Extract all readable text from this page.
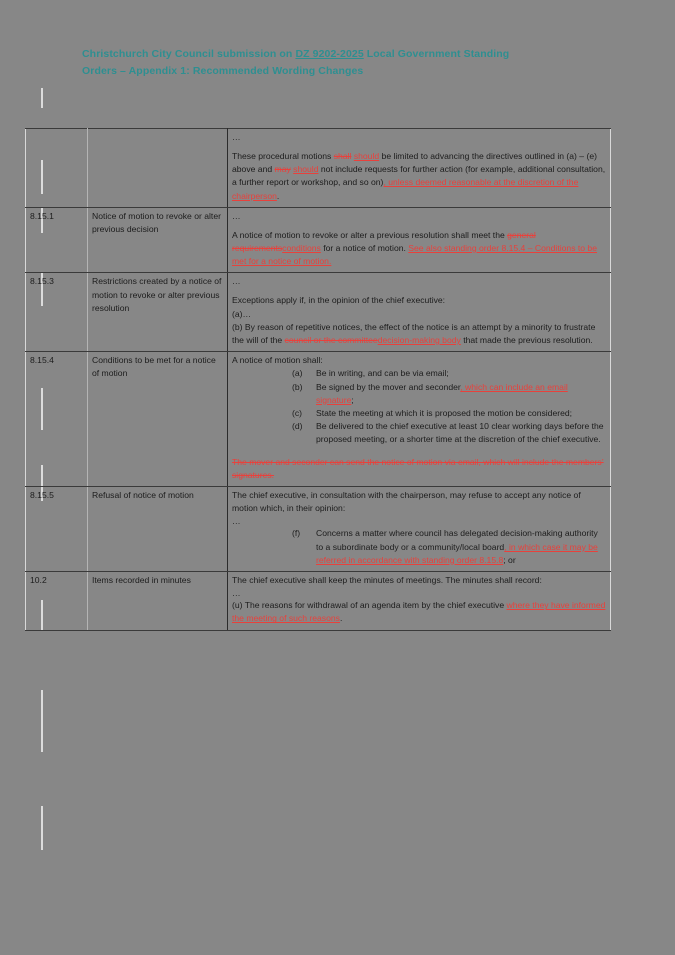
Christchurch City Council submission on DZ 9202-2025 Local Government Standing
Orders – Appendix 1: Recommended Wording Changes

		…

These procedural motions shall should be limited to advancing the directives outlined in (a) – (e) above and may should not include requests for further action (for example, additional consultation, a further report or workshop, and so on), unless deemed reasonable at the discretion of the chairperson.

8.15.1	Notice of motion to revoke or alter previous decision	…

A notice of motion to revoke or alter a previous resolution shall meet the general requirementsconditions for a notice of motion. See also standing order 8.15.4 – Conditions to be met for a notice of motion.

8.15.3	Restrictions created by a notice of motion to revoke or alter previous resolution	…

Exceptions apply if, in the opinion of the chief executive:

(a)…

(b) By reason of repetitive notices, the effect of the notice is an attempt by a minority to frustrate the will of the council or the committeedecision-making body that made the previous resolution.

8.15.4	Conditions to be met for a notice of motion	

A notice of motion shall:

(a)	Be in writing, and can be via email;
(b)	Be signed by the mover and seconder, which can include an email signature;
(c)	State the meeting at which it is proposed the motion be considered;
(d)	Be delivered to the chief executive at least 10 clear working days before the proposed meeting, or a shorter time at the discretion of the chief executive.

The mover and seconder can send the notice of motion via email, which will include the members’ signatures.

8.15.5	Refusal of notice of motion	The chief executive, in consultation with the chairperson, may refuse to accept any notice of motion which, in their opinion:

…

(f)	Concerns a matter where council has delegated decision-making authority to a subordinate body or a community/local board, in which case it may be referred in accordance with standing order 8.15.8; or

10.2	Items recorded in minutes	The chief executive shall keep the minutes of meetings. The minutes shall record:

…

(u) The reasons for withdrawal of an agenda item by the chief executive where they have informed the meeting of such reasons.
